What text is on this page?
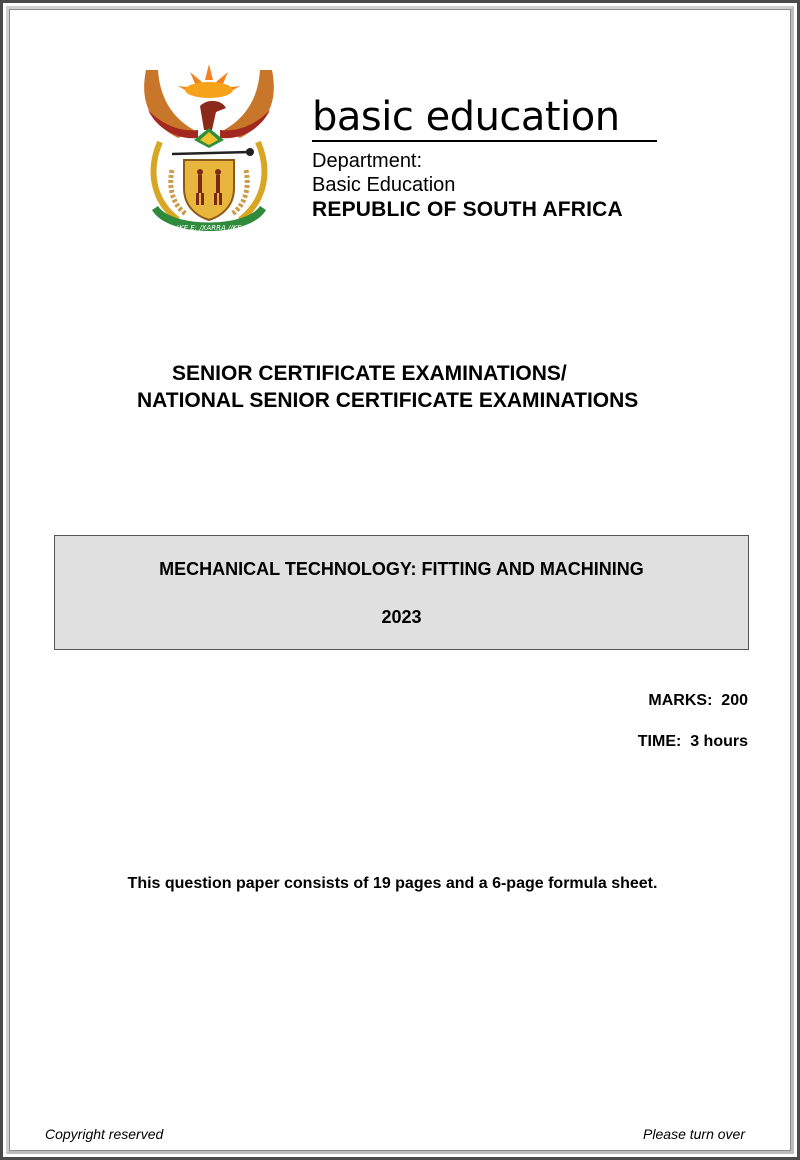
!KE E: /XARRA //KE
basic education
Department:
Basic Education
REPUBLIC OF SOUTH AFRICA
SENIOR CERTIFICATE EXAMINATIONS/
NATIONAL SENIOR CERTIFICATE EXAMINATIONS
MECHANICAL TECHNOLOGY: FITTING AND MACHINING
2023
MARKS:  200
TIME:  3 hours
This question paper consists of 19 pages and a 6-page formula sheet.
Copyright reserved	Please turn over
